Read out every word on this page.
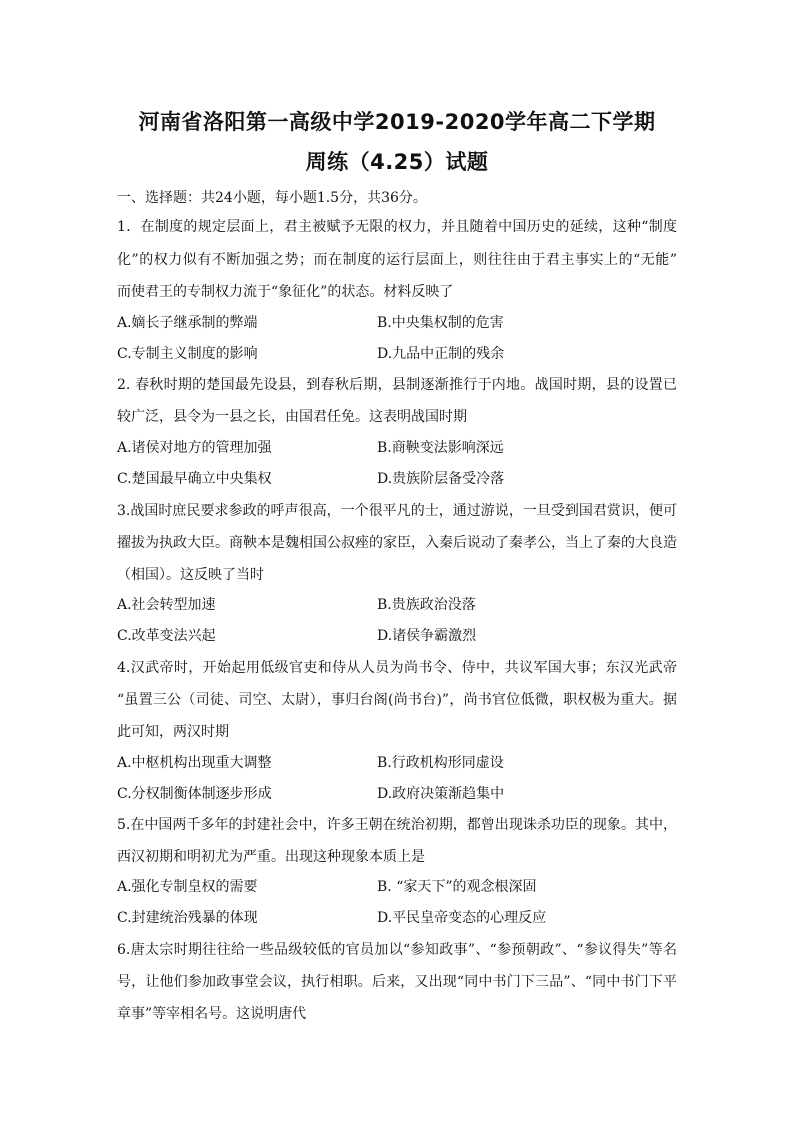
河南省洛阳第一高级中学2019-2020学年高二下学期
周练（4.25）试题
一、选择题：共24小题，每小题1.5分，共36分。
1．在制度的规定层面上，君主被赋予无限的权力，并且随着中国历史的延续，这种“制度
化”的权力似有不断加强之势；而在制度的运行层面上，则往往由于君主事实上的“无能”
而使君王的专制权力流于“象征化”的状态。材料反映了
A.嫡长子继承制的弊端	B.中央集权制的危害
C.专制主义制度的影响	D.九品中正制的残余
2. 春秋时期的楚国最先设县，到春秋后期，县制逐渐推行于内地。战国时期，县的设置已
较广泛，县令为一县之长，由国君任免。这表明战国时期
A.诸侯对地方的管理加强	B.商鞅变法影响深远
C.楚国最早确立中央集权	D.贵族阶层备受冷落
3.战国时庶民要求参政的呼声很高，一个很平凡的士，通过游说，一旦受到国君赏识，便可
擢拔为执政大臣。商鞅本是魏相国公叔痤的家臣，入秦后说动了秦孝公，当上了秦的大良造
（相国）。这反映了当时
A.社会转型加速	B.贵族政治没落
C.改革变法兴起	D.诸侯争霸激烈
4.汉武帝时，开始起用低级官吏和侍从人员为尚书令、侍中，共议军国大事；东汉光武帝
“虽置三公（司徒、司空、太尉），事归台阁(尚书台)”，尚书官位低微，职权极为重大。据
此可知，两汉时期
A.中枢机构出现重大调整	B.行政机构形同虚设
C.分权制衡体制逐步形成	D.政府决策渐趋集中
5.在中国两千多年的封建社会中，许多王朝在统治初期，都曾出现诛杀功臣的现象。其中，
西汉初期和明初尤为严重。出现这种现象本质上是
A.强化专制皇权的需要	B. “家天下”的观念根深固
C.封建统治残暴的体现	D.平民皇帝变态的心理反应
6.唐太宗时期往往给一些品级较低的官员加以“参知政事”、“参预朝政”、“参议得失”等名
号，让他们参加政事堂会议，执行相职。后来，又出现“同中书门下三品”、“同中书门下平
章事”等宰相名号。这说明唐代
